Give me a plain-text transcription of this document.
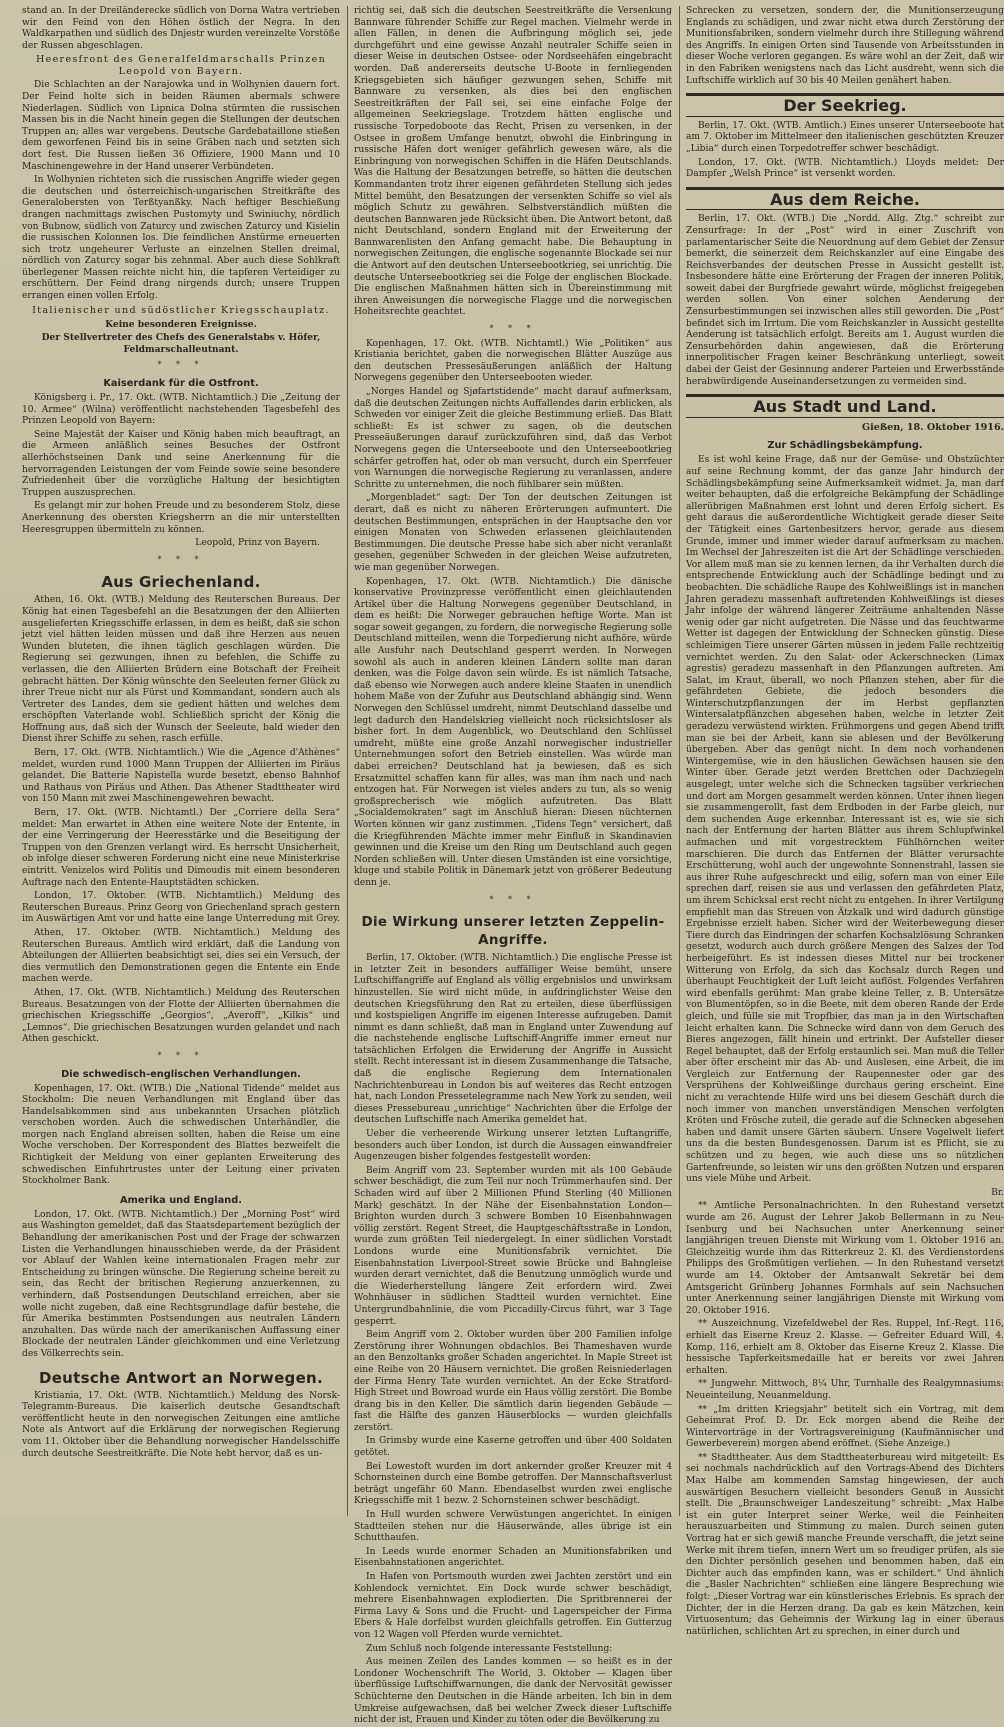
stand an. In der Dreiländerecke südlich von Dorna Watra vertrieben wir den Feind von den Höhen östlich der Negra. In den Waldkarpathen und südlich des Dnjestr wurden vereinzelte Vorstöße der Russen abgeschlagen.

Heeresfront des Generalfeldmarschalls Prinzen Leopold von Bayern.

Die Schlachten an der Narajowka und in Wolhynien dauern fort. Der Feind holte sich in beiden Räumen abermals schwere Niederlagen. Südlich von Lipnica Dolna stürmten die russischen Massen bis in die Nacht hinein gegen die Stellungen der deutschen Truppen an; alles war vergebens. Deutsche Gardebataillone stießen dem geworfenen Feind bis in seine Gräben nach und setzten sich dort fest. Die Russen ließen 36 Offiziere, 1900 Mann und 10 Maschinengewehre in der Hand unserer Verbündeten.

In Wolhynien richteten sich die russischen Angriffe wieder gegen die deutschen und österreichisch-ungarischen Streitkräfte des Generalobersten von Terßtyanßky. Nach heftiger Beschießung drangen nachmittags zwischen Pustomyty und Swiniuchy, nördlich von Bubnow, südlich von Zaturcy und zwischen Zaturcy und Kisielin die russischen Kolonnen los. Die feindlichen Anstürme erneuerten sich trotz ungeheurer Verluste an einzelnen Stellen dreimal, nördlich von Zaturcy sogar bis zehnmal. Aber auch diese Sohlkraft überlegener Massen reichte nicht hin, die tapferen Verteidiger zu erschüttern. Der Feind drang nirgends durch; unsere Truppen errangen einen vollen Erfolg.

Italienischer und südöstlicher Kriegsschauplatz.

Keine besonderen Ereignisse.

Der Stellvertreter des Chefs des Generalstabs v. Höfer, Feldmarschalleutnant.

* * *
Kaiserdank für die Ostfront.

Königsberg i. Pr., 17. Okt. (WTB. Nichtamtlich.) Die „Zeitung der 10. Armee“ (Wilna) veröffentlicht nachstehenden Tagesbefehl des Prinzen Leopold von Bayern:

Seine Majestät der Kaiser und König haben mich beauftragt, an die Armeen anläßlich seines Besuches der Ostfront allerhöchstseinen Dank und seine Anerkennung für die hervorragenden Leistungen der vom Feinde sowie seine besondere Zufriedenheit über die vorzügliche Haltung der besichtigten Truppen auszusprechen.

Es gelangt mir zur hohen Freude und zu besonderem Stolz, diese Anerkennung des obersten Kriegsherrn an die mir unterstellten Heeresgruppen übermitteln zu können.

Leopold, Prinz von Bayern.

* * *
Aus Griechenland.

Athen, 16. Okt. (WTB.) Meldung des Reuterschen Bureaus. Der König hat einen Tagesbefehl an die Besatzungen der den Alliierten ausgelieferten Kriegsschiffe erlassen, in dem es heißt, daß sie schon jetzt viel hätten leiden müssen und daß ihre Herzen aus neuen Wunden bluteten, die ihnen täglich geschlagen würden. Die Regierung sei gezwungen, ihnen zu befehlen, die Schiffe zu verlassen, die den Alliierten Brüdern eine Botschaft der Freiheit gebracht hätten. Der König wünschte den Seeleuten ferner Glück zu ihrer Treue nicht nur als Fürst und Kommandant, sondern auch als Vertreter des Landes, dem sie gedient hätten und welches dem erschöpften Vaterlande wohl. Schließlich spricht der König die Hoffnung aus, daß sich der Wunsch der Seeleute, bald wieder den Dienst ihrer Schiffe zu sehen, rasch erfülle.

Bern, 17. Okt. (WTB. Nichtamtlich.) Wie die „Agence d'Athènes“ meldet, wurden rund 1000 Mann Truppen der Alliierten im Piräus gelandet. Die Batterie Napistella wurde besetzt, ebenso Bahnhof und Rathaus von Piräus und Athen. Das Athener Stadttheater wird von 150 Mann mit zwei Maschinengewehren bewacht.

Bern, 17. Okt. (WTB. Nichtamtl.) Der „Corriere della Sera“ meldet: Man erwartet in Athen eine weitere Note der Entente, in der eine Verringerung der Heeresstärke und die Beseitigung der Truppen von den Grenzen verlangt wird. Es herrscht Unsicherheit, ob infolge dieser schweren Forderung nicht eine neue Ministerkrise eintritt. Venizelos wird Politis und Dimoudis mit einem besonderen Auftrage nach den Entente-Hauptstädten schicken.

London, 17. Oktober. (WTB. Nichtamtlich.) Meldung des Reuterschen Bureaus. Prinz Georg von Griechenland sprach gestern im Auswärtigen Amt vor und hatte eine lange Unterredung mit Grey.

Athen, 17. Oktober. (WTB. Nichtamtlich.) Meldung des Reuterschen Bureaus. Amtlich wird erklärt, daß die Landung von Abteilungen der Alliierten beabsichtigt sei, dies sei ein Versuch, der dies vermutlich den Demonstrationen gegen die Entente ein Ende machen werde.

Athen, 17. Okt. (WTB. Nichtamtlich.) Meldung des Reuterschen Bureaus. Besatzungen von der Flotte der Alliierten übernahmen die griechischen Kriegsschiffe „Georgios“, „Averoff“, „Kilkis“ und „Lemnos“. Die griechischen Besatzungen wurden gelandet und nach Athen geschickt.

* * *
Die schwedisch-englischen Verhandlungen.

Kopenhagen, 17. Okt. (WTB.) Die „National Tidende“ meldet aus Stockholm: Die neuen Verhandlungen mit England über das Handelsabkommen sind aus unbekannten Ursachen plötzlich verschoben worden. Auch die schwedischen Unterhändler, die morgen nach England abreisen sollten, haben die Reise um eine Woche verschoben. Der Korrespondent des Blattes bezweifelt die Richtigkeit der Meldung von einer geplanten Erweiterung des schwedischen Einfuhrtrustes unter der Leitung einer privaten Stockholmer Bank.

Amerika und England.

London, 17. Okt. (WTB. Nichtamtlich.) Der „Morning Post“ wird aus Washington gemeldet, daß das Staatsdepartement bezüglich der Behandlung der amerikanischen Post und der Frage der schwarzen Listen die Verhandlungen hinausschieben werde, da der Präsident vor Ablauf der Wahlen keine internationalen Fragen mehr zur Entscheidung zu bringen wünsche. Die Regierung scheine bereit zu sein, das Recht der britischen Regierung anzuerkennen, zu verhindern, daß Postsendungen Deutschland erreichen, aber sie wolle nicht zugeben, daß eine Rechtsgrundlage dafür bestehe, die für Amerika bestimmten Postsendungen aus neutralen Ländern anzuhalten. Das würde nach der amerikanischen Auffassung einer Blockade der neutralen Länder gleichkommen und eine Verletzung des Völkerrechts sein.

Deutsche Antwort an Norwegen.

Kristiania, 17. Okt. (WTB. Nichtamtlich.) Meldung des Norsk-Telegramm-Bureaus. Die kaiserlich deutsche Gesandtschaft veröffentlicht heute in den norwegischen Zeitungen eine amtliche Note als Antwort auf die Erklärung der norwegischen Regierung vom 11. Oktober über die Behandlung norwegischer Handelsschiffe durch deutsche Seestreitkräfte. Die Note hebt hervor, daß es un-

richtig sei, daß sich die deutschen Seestreitkräfte die Versenkung Bannware führender Schiffe zur Regel machen. Vielmehr werde in allen Fällen, in denen die Aufbringung möglich sei, jede durchgeführt und eine gewisse Anzahl neutraler Schiffe seien in dieser Weise in deutschen Ostsee- oder Nordseehäfen eingebracht worden. Daß andererseits deutsche U-Boote in fernliegenden Kriegsgebieten sich häufiger gezwungen sehen, Schiffe mit Bannware zu versenken, als dies bei den englischen Seestreitkräften der Fall sei, sei eine einfache Folge der allgemeinen Seekriegslage. Trotzdem hätten englische und russische Torpedoboote das Recht, Prisen zu versenken, in der Ostsee in großem Umfange benutzt, obwohl die Einbringung in russische Häfen dort weniger gefährlich gewesen wäre, als die Einbringung von norwegischen Schiffen in die Häfen Deutschlands. Was die Haltung der Besatzungen betreffe, so hätten die deutschen Kommandanten trotz ihrer eigenen gefährdeten Stellung sich jedes Mittel bemüht, den Besatzungen der versenkten Schiffe so viel als möglich Schutz zu gewähren. Selbstverständlich müßten die deutschen Bannwaren jede Rücksicht üben. Die Antwort betont, daß nicht Deutschland, sondern England mit der Erweiterung der Bannwarenlisten den Anfang gemacht habe. Die Behauptung in norwegischen Zeitungen, die englische sogenannte Blockade sei nur die Antwort auf den deutschen Unterseebootkrieg, sei unrichtig. Die deutsche Unterseebootkrieg sei die Folge der englischen Blockade. Die englischen Maßnahmen hätten sich in Übereinstimmung mit ihren Anweisungen die norwegische Flagge und die norwegischen Hoheitsrechte geachtet.

* * *

Kopenhagen, 17. Okt. (WTB. Nichtamtl.) Wie „Politiken“ aus Kristiania berichtet, gaben die norwegischen Blätter Auszüge aus den deutschen Pressesäußerungen anläßlich der Haltung Norwegens gegenüber den Unterseebooten wieder.

„Norges Handel og Sjøfartstidende“ macht darauf aufmerksam, daß die deutschen Zeitungen nichts Auffallendes darin erblicken, als Schweden vor einiger Zeit die gleiche Bestimmung erließ. Das Blatt schließt: Es ist schwer zu sagen, ob die deutschen Presseäußerungen darauf zurückzuführen sind, daß das Verbot Norwegens gegen die Unterseeboote und den Unterseebootkrieg schärfer getroffen hat, oder ob man versucht, durch ein Sperrfeuer von Warnungen die norwegische Regierung zu veranlassen, andere Schritte zu unternehmen, die noch fühlbarer sein müßten.

„Morgenbladet“ sagt: Der Ton der deutschen Zeitungen ist derart, daß es nicht zu näheren Erörterungen aufmuntert. Die deutschen Bestimmungen, entsprächen in der Hauptsache den vor einigen Monaten von Schweden erlassenen gleichlautenden Bestimmungen. Die deutsche Presse habe sich aber nicht veranlaßt gesehen, gegenüber Schweden in der gleichen Weise aufzutreten, wie man gegenüber Norwegen.

Kopenhagen, 17. Okt. (WTB. Nichtamtlich.) Die dänische konservative Provinzpresse veröffentlicht einen gleichlautenden Artikel über die Haltung Norwegens gegenüber Deutschland, in dem es heißt: Die Norweger gebrauchen heftige Worte. Man ist sogar soweit gegangen, zu fordern, die norwegische Regierung solle Deutschland mitteilen, wenn die Torpedierung nicht aufhöre, würde alle Ausfuhr nach Deutschland gesperrt werden. In Norwegen sowohl als auch in anderen kleinen Ländern sollte man daran denken, was die Folge davon sein würde. Es ist nämlich Tatsache, daß ebenso wie Norwegen auch andere kleine Staaten in unendlich hohem Maße von der Zufuhr aus Deutschland abhängig sind. Wenn Norwegen den Schlüssel umdreht, nimmt Deutschland dasselbe und legt dadurch den Handelskrieg vielleicht noch rücksichtsloser als bisher fort. In dem Augenblick, wo Deutschland den Schlüssel umdreht, müßte eine große Anzahl norwegischer industrieller Unternehmungen sofort den Betrieb einstellen. Was würde man dabei erreichen? Deutschland hat ja bewiesen, daß es sich Ersatzmittel schaffen kann für alles, was man ihm nach und nach entzogen hat. Für Norwegen ist vieles anders zu tun, als so wenig großsprecherisch wie möglich aufzutreten. Das Blatt „Socialdemokraten“ sagt im Anschluß hieran: Diesen nüchternen Worten können wir ganz zustimmen. „Tidens Tegn“ versichert, daß die Kriegführenden Mächte immer mehr Einfluß in Skandinavien gewinnen und die Kreise um den Ring um Deutschland auch gegen Norden schließen will. Unter diesen Umständen ist eine vorsichtige, kluge und stabile Politik in Dänemark jetzt von größerer Bedeutung denn je.

* * *
Die Wirkung unserer letzten Zeppelin-Angriffe.

Berlin, 17. Oktober. (WTB. Nichtamtlich.) Die englische Presse ist in letzter Zeit in besonders auffälliger Weise bemüht, unsere Luftschiffangriffe auf England als völlig ergebnislos und unwirksam hinzustellen. Sie wird nicht müde, in aufdringlichster Weise den deutschen Kriegsführung den Rat zu erteilen, diese überflüssigen und kostspieligen Angriffe im eigenen Interesse aufzugeben. Damit nimmt es dann schließt, daß man in England unter Zuwendung auf die nachstehende englische Luftschiff-Angriffe immer erneut nur tatsächlichen Erfolgen die Erwiderung der Angriffe in Aussicht stellt. Recht interessant ist in diesem Zusammenhange die Tatsache, daß die englische Regierung dem Internationalen Nachrichtenbureau in London bis auf weiteres das Recht entzogen hat, nach London Pressetelegramme nach New York zu senden, weil dieses Pressebureau „unrichtige“ Nachrichten über die Erfolge der deutschen Luftschiffe nach Amerika gemeldet hat.

Ueber die verheerende Wirkung unserer letzten Luftangriffe, besonders auch über London, ist durch die Aussagen einwandfreier Augenzeugen bisher folgendes festgestellt worden:

Beim Angriff vom 23. September wurden mit als 100 Gebäude schwer beschädigt, die zum Teil nur noch Trümmerhaufen sind. Der Schaden wird auf über 2 Millionen Pfund Sterling (40 Millionen Mark) geschätzt. In der Nähe der Eisenbahnstation London—Brighton wurden durch 3 schwere Bomben 10 Eisenbahnwagen völlig zerstört. Regent Street, die Hauptgeschäftsstraße in London, wurde zum größten Teil niedergelegt. In einer südlichen Vorstadt Londons wurde eine Munitionsfabrik vernichtet. Die Eisenbahnstation Liverpool-Street sowie Brücke und Bahngleise wurden derart vernichtet, daß die Benutzung unmöglich wurde und die Wiederherstellung längere Zeit erfordern wird. Zwei Wohnhäuser in südlichen Stadtteil wurden vernichtet. Eine Untergrundbahnlinie, die vom Piccadilly-Circus führt, war 3 Tage gesperrt.

Beim Angriff vom 2. Oktober wurden über 200 Familien infolge Zerstörung ihrer Wohnungen obdachlos. Bei Thameshaven wurde an den Benzoltanks großer Schaden angerichtet. In Maple Street ist eine Reihe von 20 Häusern vernichtet. Die großen Reisniederlagen der Firma Henry Tate wurden vernichtet. An der Ecke Stratford-High Street und Bowroad wurde ein Haus völlig zerstört. Die Bombe drang bis in den Keller. Die sämtlich darin liegenden Gebäude — fast die Hälfte des ganzen Häuserblocks — wurden gleichfalls zerstört.

In Grimsby wurde eine Kaserne getroffen und über 400 Soldaten getötet.

Bei Lowestoft wurden im dort ankernder großer Kreuzer mit 4 Schornsteinen durch eine Bombe getroffen. Der Mannschaftsverlust beträgt ungefähr 60 Mann. Ebendaselbst wurden zwei englische Kriegsschiffe mit 1 bezw. 2 Schornsteinen schwer beschädigt.

In Hull wurden schwere Verwüstungen angerichtet. In einigen Stadtteilen stehen nur die Häuserwände, alles übrige ist ein Schutthaufen.

In Leeds wurde enormer Schaden an Munitionsfabriken und Eisenbahnstationen angerichtet.

In Hafen von Portsmouth wurden zwei Jachten zerstört und ein Kohlendock vernichtet. Ein Dock wurde schwer beschädigt, mehrere Eisenbahnwagen explodierten. Die Spritbrennerei der Firma Lavy & Sons und die Frucht- und Lagerspeicher der Firma Ebers & Hale dorfelbst wurden gleichfalls getroffen. Ein Gutterzug von 12 Wagen voll Pferden wurde vernichtet.

Zum Schluß noch folgende interessante Feststellung:

Aus meinen Zeilen des Landes kommen — so heißt es in der Londoner Wochenschrift The World, 3. Oktober — Klagen über überflüssige Luftschiffwarnungen, die dank der Nervosität gewisser Schüchterne den Deutschen in die Hände arbeiten. Ich bin in dem Umkreise aufgewachsen, daß bei welcher Zweck dieser Luftschiffe nicht der ist, Frauen und Kinder zu töten oder die Bevölkerung zu

Schrecken zu versetzen, sondern der, die Munitionserzeugung Englands zu schädigen, und zwar nicht etwa durch Zerstörung der Munitionsfabriken, sondern vielmehr durch ihre Stillegung während des Angriffs. In einigen Orten sind Tausende von Arbeitsstunden in dieser Woche verloren gegangen. Es wäre wohl an der Zeit, daß wir in den Fabriken wenigstens nach das Licht ausdreht, wenn sich die Luftschiffe wirklich auf 30 bis 40 Meilen genähert haben.

Der Seekrieg.

Berlin, 17. Okt. (WTB. Amtlich.) Eines unserer Unterseeboote hat am 7. Oktober im Mittelmeer den italienischen geschützten Kreuzer „Libia“ durch einen Torpedotreffer schwer beschädigt.

London, 17. Okt. (WTB. Nichtamtlich.) Lloyds meldet: Der Dampfer „Welsh Prince“ ist versenkt worden.

Aus dem Reiche.

Berlin, 17. Okt. (WTB.) Die „Nordd. Allg. Ztg.“ schreibt zur Zensurfrage: In der „Post“ wird in einer Zuschrift von parlamentarischer Seite die Neuordnung auf dem Gebiet der Zensur bemerkt, die seinerzeit dem Reichskanzler auf eine Eingabe des Reichsverbandes der deutschen Presse in Aussicht gestellt ist. Insbesondere hätte eine Erörterung der Fragen der inneren Politik, soweit dabei der Burgfriede gewahrt würde, möglichst freigegeben werden sollen. Von einer solchen Aenderung der Zensurbestimmungen sei inzwischen alles still geworden. Die „Post“ befindet sich im Irrtum. Die vom Reichskanzler in Aussicht gestellte Aenderung ist tatsächlich erfolgt. Bereits am 1. August wurden die Zensurbehörden dahin angewiesen, daß die Erörterung innerpolitischer Fragen keiner Beschränkung unterliegt, soweit dabei der Geist der Gesinnung anderer Parteien und Erwerbsstände herabwürdigende Auseinandersetzungen zu vermeiden sind.

Aus Stadt und Land.

Gießen, 18. Oktober 1916.

Zur Schädlingsbekämpfung.

Es ist wohl keine Frage, daß nur der Gemüse- und Obstzüchter auf seine Rechnung kommt, der das ganze Jahr hindurch der Schädlingsbekämpfung seine Aufmerksamkeit widmet. Ja, man darf weiter behaupten, daß die erfolgreiche Bekämpfung der Schädlinge allerübrigen Maßnahmen erst lohnt und deren Erfolg sichert. Es geht daraus die außerordentliche Wichtigkeit gerade dieser Seite der Tätigkeit eines Gartenbesitzers hervor, gerade aus diesem Grunde, immer und immer wieder darauf aufmerksam zu machen. Im Wechsel der Jahreszeiten ist die Art der Schädlinge verschieden. Vor allem muß man sie zu kennen lernen, da ihr Verhalten durch die entsprechende Entwicklung auch der Schädlinge bedingt und zu beobachten. Die schädliche Raupe des Kohlweißlings ist in manchen Jahren geradezu massenhaft auftretenden Kohlweißlings ist dieses Jahr infolge der während längerer Zeiträume anhaltenden Nässe wenig oder gar nicht aufgetreten. Die Nässe und das feuchtwarme Wetter ist dagegen der Entwicklung der Schnecken günstig. Diese schleimigen Tiere unserer Gärten müssen in jedem Falle rechtzeitig vernichtet werden. Zu den Salat- oder Ackerschnecken (Limax agrestis) geradezu massenhaft in den Pflanzungen auftreten. Am Salat, im Kraut, überall, wo noch Pflanzen stehen, aber für die gefährdeten Gebiete, die jedoch besonders die Winterschutzpflanzungen der im Herbst gepflanzten Wintersalatpflänzchen abgesehen haben, welche in letzter Zeit geradezu verwüstend wirkten. Frühmorgens und gegen Abend trifft man sie bei der Arbeit, kann sie ablesen und der Bevölkerung übergeben. Aber das genügt nicht. In dem noch vorhandenen Wintergemüse, wie in den häuslichen Gewächsen hausen sie den Winter über. Gerade jetzt werden Brettchen oder Dachziegeln ausgelegt, unter welche sich die Schnecken tagsüber verkriechen und dort am Morgen gesammelt werden können. Unter ihnen liegen sie zusammengerollt, fast dem Erdboden in der Farbe gleich, nur dem suchenden Auge erkennbar. Interessant ist es, wie sie sich nach der Entfernung der harten Blätter aus ihrem Schlupfwinkel aufmachen und mit vorgestrecktem Fühlhörnchen weiter marschieren. Die durch das Entfernen der Blätter verursachte Erschütterung, wohl auch der ungewohnte Sonnenstrahl, lassen sie aus ihrer Ruhe aufgeschreckt und eilig, sofern man von einer Eile sprechen darf, reisen sie aus und verlassen den gefährdeten Platz, um ihrem Schicksal erst recht nicht zu entgehen. In ihrer Vertilgung empfiehlt man das Streuen von Ätzkalk und wird dadurch günstige Ergebnisse erzielt haben. Sicher wird der Weiterbewegung dieser Tiere durch das Eindringen der scharfen Kochsalzlösung Schranken gesetzt, wodurch auch durch größere Mengen des Salzes der Tod herbeigeführt. Es ist indessen dieses Mittel nur bei trockener Witterung von Erfolg, da sich das Kochsalz durch Regen und überhaupt Feuchtigkeit der Luft leicht auflöst. Folgendes Verfahren wird ebenfalls gerühmt: Man grabe kleine Teller, z. B. Untersätze von Blumentöpfen, so in die Beete, mit dem oberen Rande der Erde gleich, und fülle sie mit Tropfbier, das man ja in den Wirtschaften leicht erhalten kann. Die Schnecke wird dann von dem Geruch des Bieres angezogen, fällt hinein und ertrinkt. Der Aufsteller dieser Regel behauptet, daß der Erfolg erstaunlich sei. Man muß die Teller aber öfter erscheint mir das Ab- und Auslesen, eine Arbeit, die im Vergleich zur Entfernung der Raupennester oder gar des Versprühens der Kohlweißlinge durchaus gering erscheint. Eine nicht zu verachtende Hilfe wird uns bei diesem Geschäft durch die noch immer von manchen unverständigen Menschen verfolgten Kröten und Frösche zuteil, die gerade auf die Schnecken abgesehen haben und damit unsere Gärten säubern. Unsere Vogelwelt liefert uns da die besten Bundesgenossen. Darum ist es Pflicht, sie zu schützen und zu hegen, wie auch diese uns so nützlichen Gartenfreunde, so leisten wir uns den größten Nutzen und ersparen uns viele Mühe und Arbeit.

Br.

** Amtliche Personalnachrichten. In den Ruhestand versetzt wurde am 26. August der Lehrer Jakob Bellermann in zu Neu-Isenburg und bei Nachsuchen unter Anerkennung seiner langjährigen treuen Dienste mit Wirkung vom 1. Oktober 1916 an. Gleichzeitig wurde ihm das Ritterkreuz 2. Kl. des Verdienstordens Philipps des Großmütigen verliehen. — In den Ruhestand versetzt wurde am 14. Oktober der Amtsanwalt Sekretär bei dem Amtsgericht Grünberg Johannes Formhals auf sein Nachsuchen unter Anerkennung seiner langjährigen Dienste mit Wirkung vom 20. Oktober 1916.

** Auszeichnung. Vizefeldwebel der Res. Ruppel, Inf.-Regt. 116, erhielt das Eiserne Kreuz 2. Klasse. — Gefreiter Eduard Will, 4. Komp. 116, erhielt am 8. Oktober das Eiserne Kreuz 2. Klasse. Die hessische Tapferkeitsmedaille hat er bereits vor zwei Jahren erhalten.

** Jungwehr. Mittwoch, 8¼ Uhr, Turnhalle des Realgymnasiums: Neueinteilung, Neuanmeldung.

** „Im dritten Kriegsjahr“ betitelt sich ein Vortrag, mit dem Geheimrat Prof. D. Dr. Eck morgen abend die Reihe der Wintervorträge in der Vortragsvereinigung (Kaufmännischer und Gewerbeverein) morgen abend eröffnet. (Siehe Anzeige.)

** Stadttheater. Aus dem Stadttheaterbureau wird mitgeteilt: Es sei nochmals nachdrücklich auf den Vortrags-Abend des Dichters Max Halbe am kommenden Samstag hingewiesen, der auch auswärtigen Besuchern vielleicht besonders Genuß in Aussicht stellt. Die „Braunschweiger Landeszeitung“ schreibt: „Max Halbe ist ein guter Interpret seiner Werke, weil die Feinheiten herauszuarbeiten und Stimmung zu malen. Durch seinen guten Vortrag hat er sich gewiß manche Freunde verschafft, die jetzt seine Werke mit ihrem tiefen, innern Wert um so freudiger prüfen, als sie den Dichter persönlich gesehen und benommen haben, daß ein Dichter auch das empfinden kann, was er schildert.“ Und ähnlich die „Basler Nachrichten“ schließen eine längere Besprechung wie folgt: „Dieser Vortrag war ein künstlerisches Erlebnis. Es sprach der Dichter, der in die Herzen drang. Da gab es kein Mätzchen, kein Virtuosentum; das Geheimnis der Wirkung lag in einer überaus natürlichen, schlichten Art zu sprechen, in einer durch und
